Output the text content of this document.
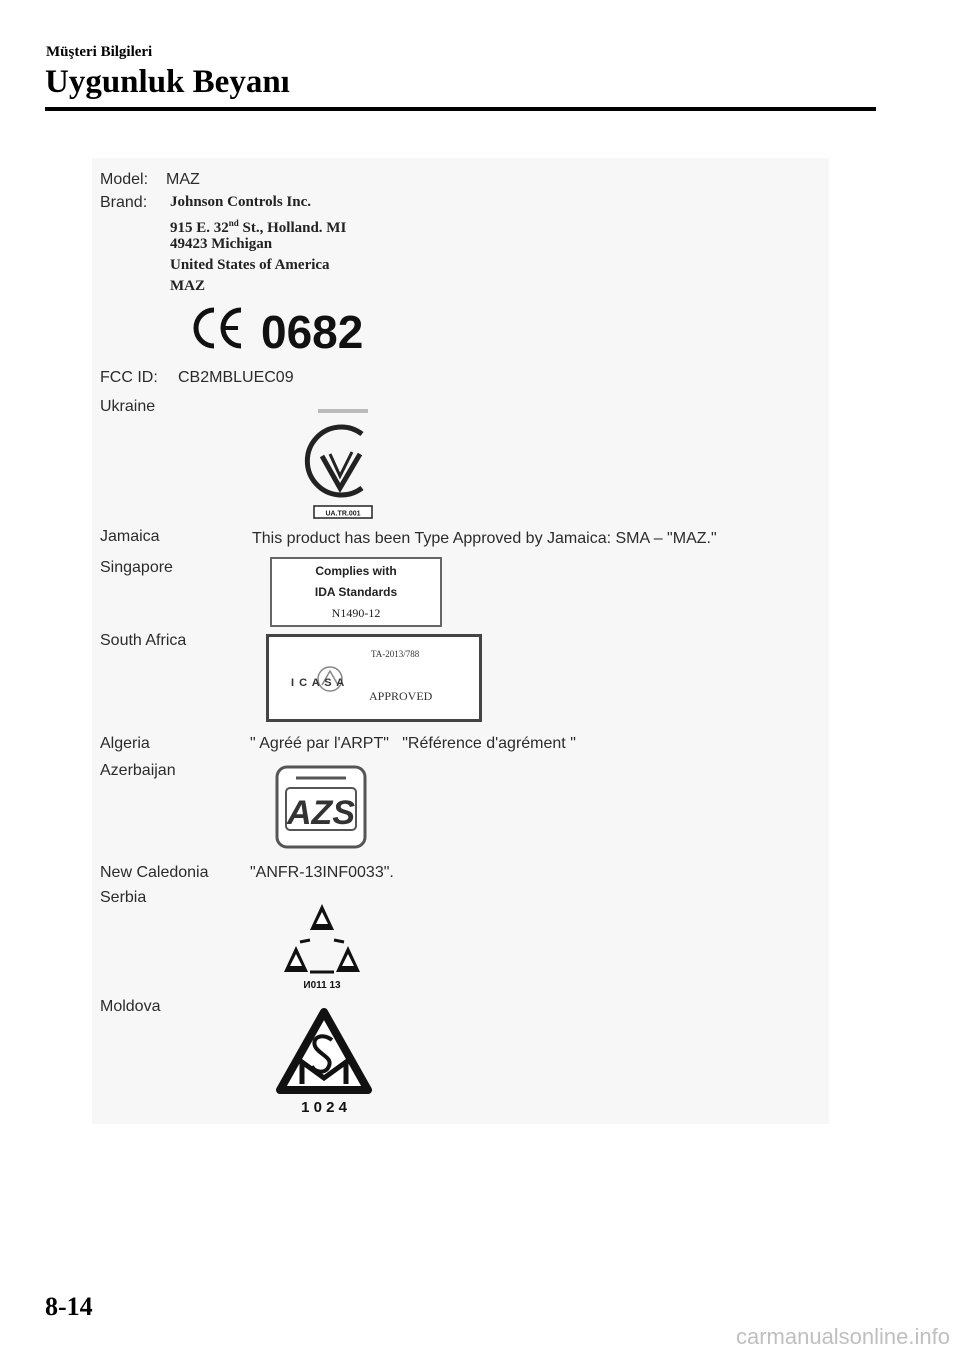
Müşteri Bilgileri
Uygunluk Beyanı
Model: MAZ
Brand: Johnson Controls Inc.
915 E. 32nd St., Holland. MI
49423 Michigan
United States of America
MAZ
0682
FCC ID: CB2MBLUEC09
Ukraine
UA.TR.001
Jamaica	This product has been Type Approved by Jamaica: SMA – "MAZ."
Singapore	Complies with
IDA Standards
N1490-12
South Africa
TA-2013/788
I C A S A
APPROVED
Algeria	" Agréé par l'ARPT"   "Référence d'agrément "
Azerbaijan
AZS
New Caledonia	"ANFR-13INF0033".
Serbia
И011 13
Moldova
1 0 2 4
8-14
carmanualsonline.info
